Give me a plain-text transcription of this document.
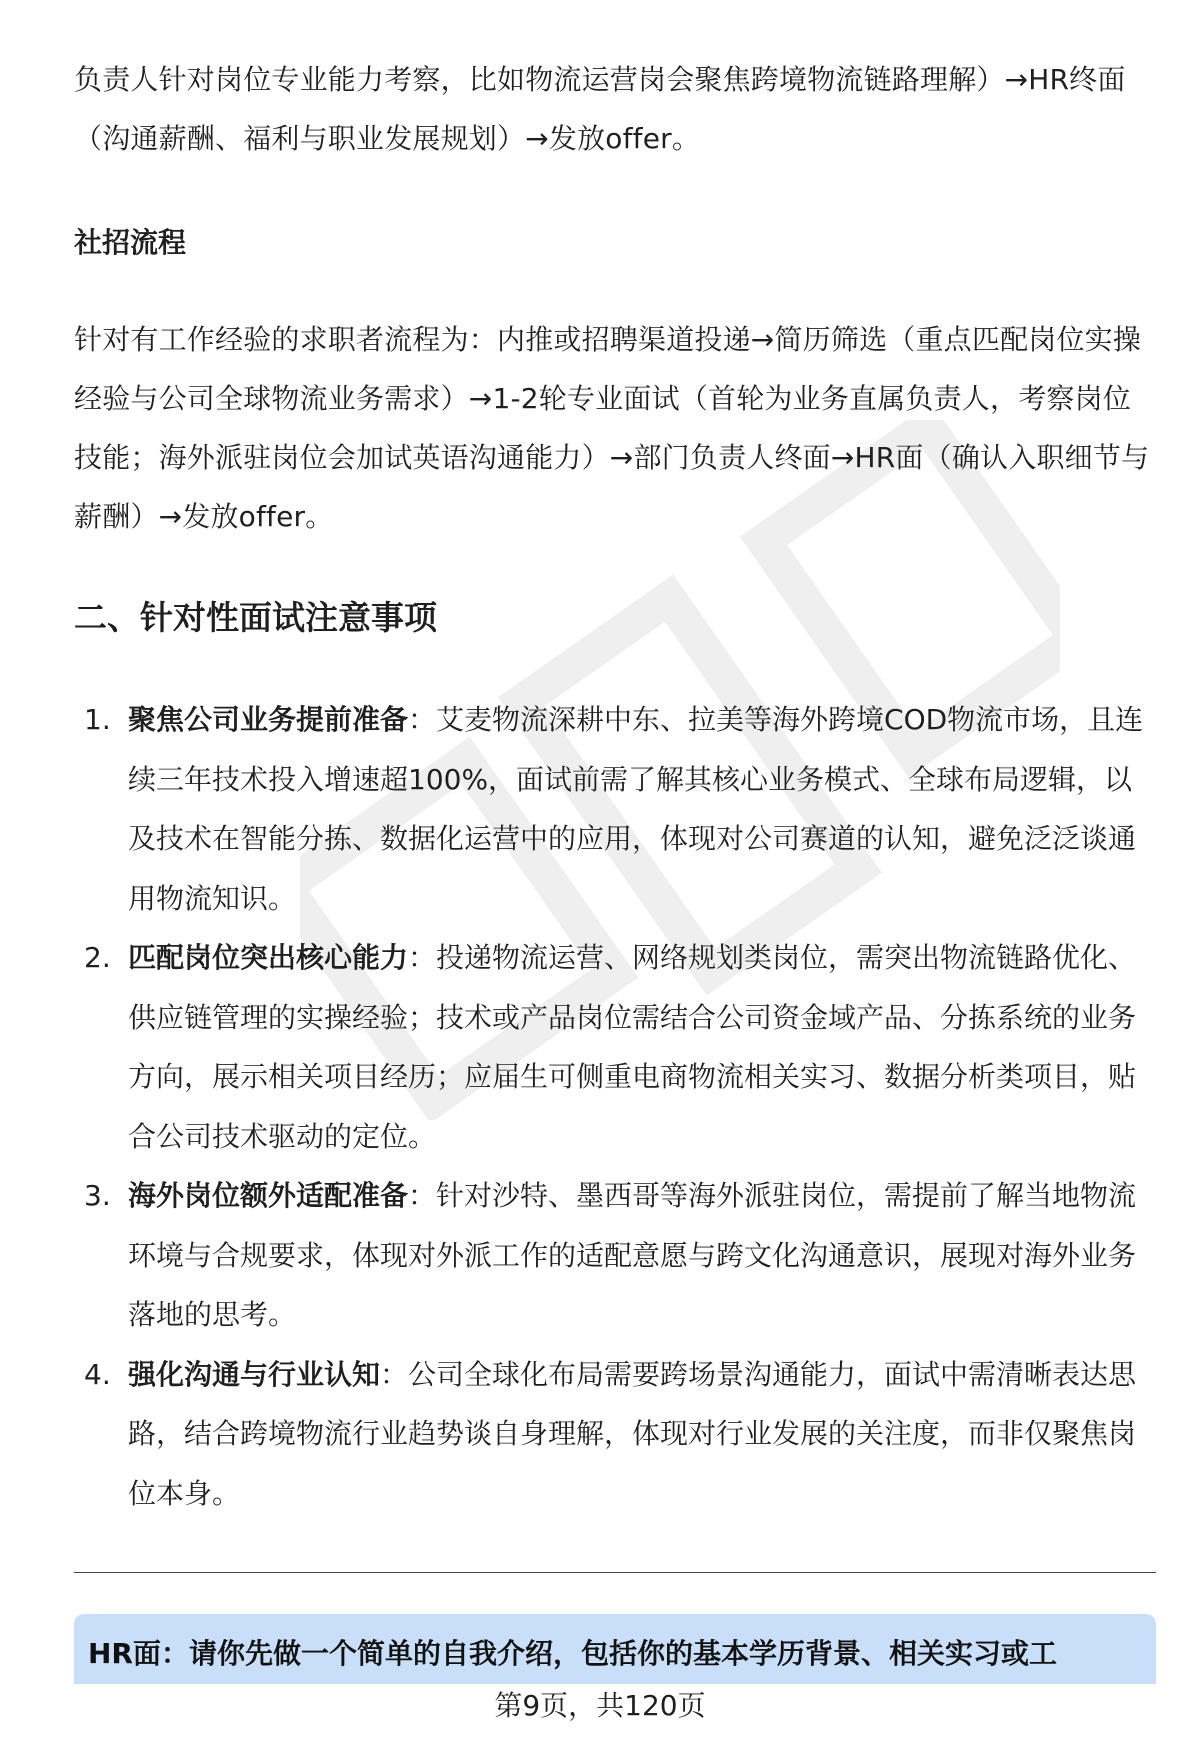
负责人针对岗位专业能力考察，比如物流运营岗会聚焦跨境物流链路理解）→HR终面（沟通薪酬、福利与职业发展规划）→发放offer。

社招流程

针对有工作经验的求职者流程为：内推或招聘渠道投递→简历筛选（重点匹配岗位实操经验与公司全球物流业务需求）→1-2轮专业面试（首轮为业务直属负责人，考察岗位技能；海外派驻岗位会加试英语沟通能力）→部门负责人终面→HR面（确认入职细节与薪酬）→发放offer。

二、针对性面试注意事项
1. 聚焦公司业务提前准备：艾麦物流深耕中东、拉美等海外跨境COD物流市场，且连续三年技术投入增速超100%，面试前需了解其核心业务模式、全球布局逻辑，以及技术在智能分拣、数据化运营中的应用，体现对公司赛道的认知，避免泛泛谈通用物流知识。
2. 匹配岗位突出核心能力：投递物流运营、网络规划类岗位，需突出物流链路优化、供应链管理的实操经验；技术或产品岗位需结合公司资金域产品、分拣系统的业务方向，展示相关项目经历；应届生可侧重电商物流相关实习、数据分析类项目，贴合公司技术驱动的定位。
3. 海外岗位额外适配准备：针对沙特、墨西哥等海外派驻岗位，需提前了解当地物流环境与合规要求，体现对外派工作的适配意愿与跨文化沟通意识，展现对海外业务落地的思考。
4. 强化沟通与行业认知：公司全球化布局需要跨场景沟通能力，面试中需清晰表达思路，结合跨境物流行业趋势谈自身理解，体现对行业发展的关注度，而非仅聚焦岗位本身。

HR面：请你先做一个简单的自我介绍，包括你的基本学历背景、相关实习或工

第9页，共120页
